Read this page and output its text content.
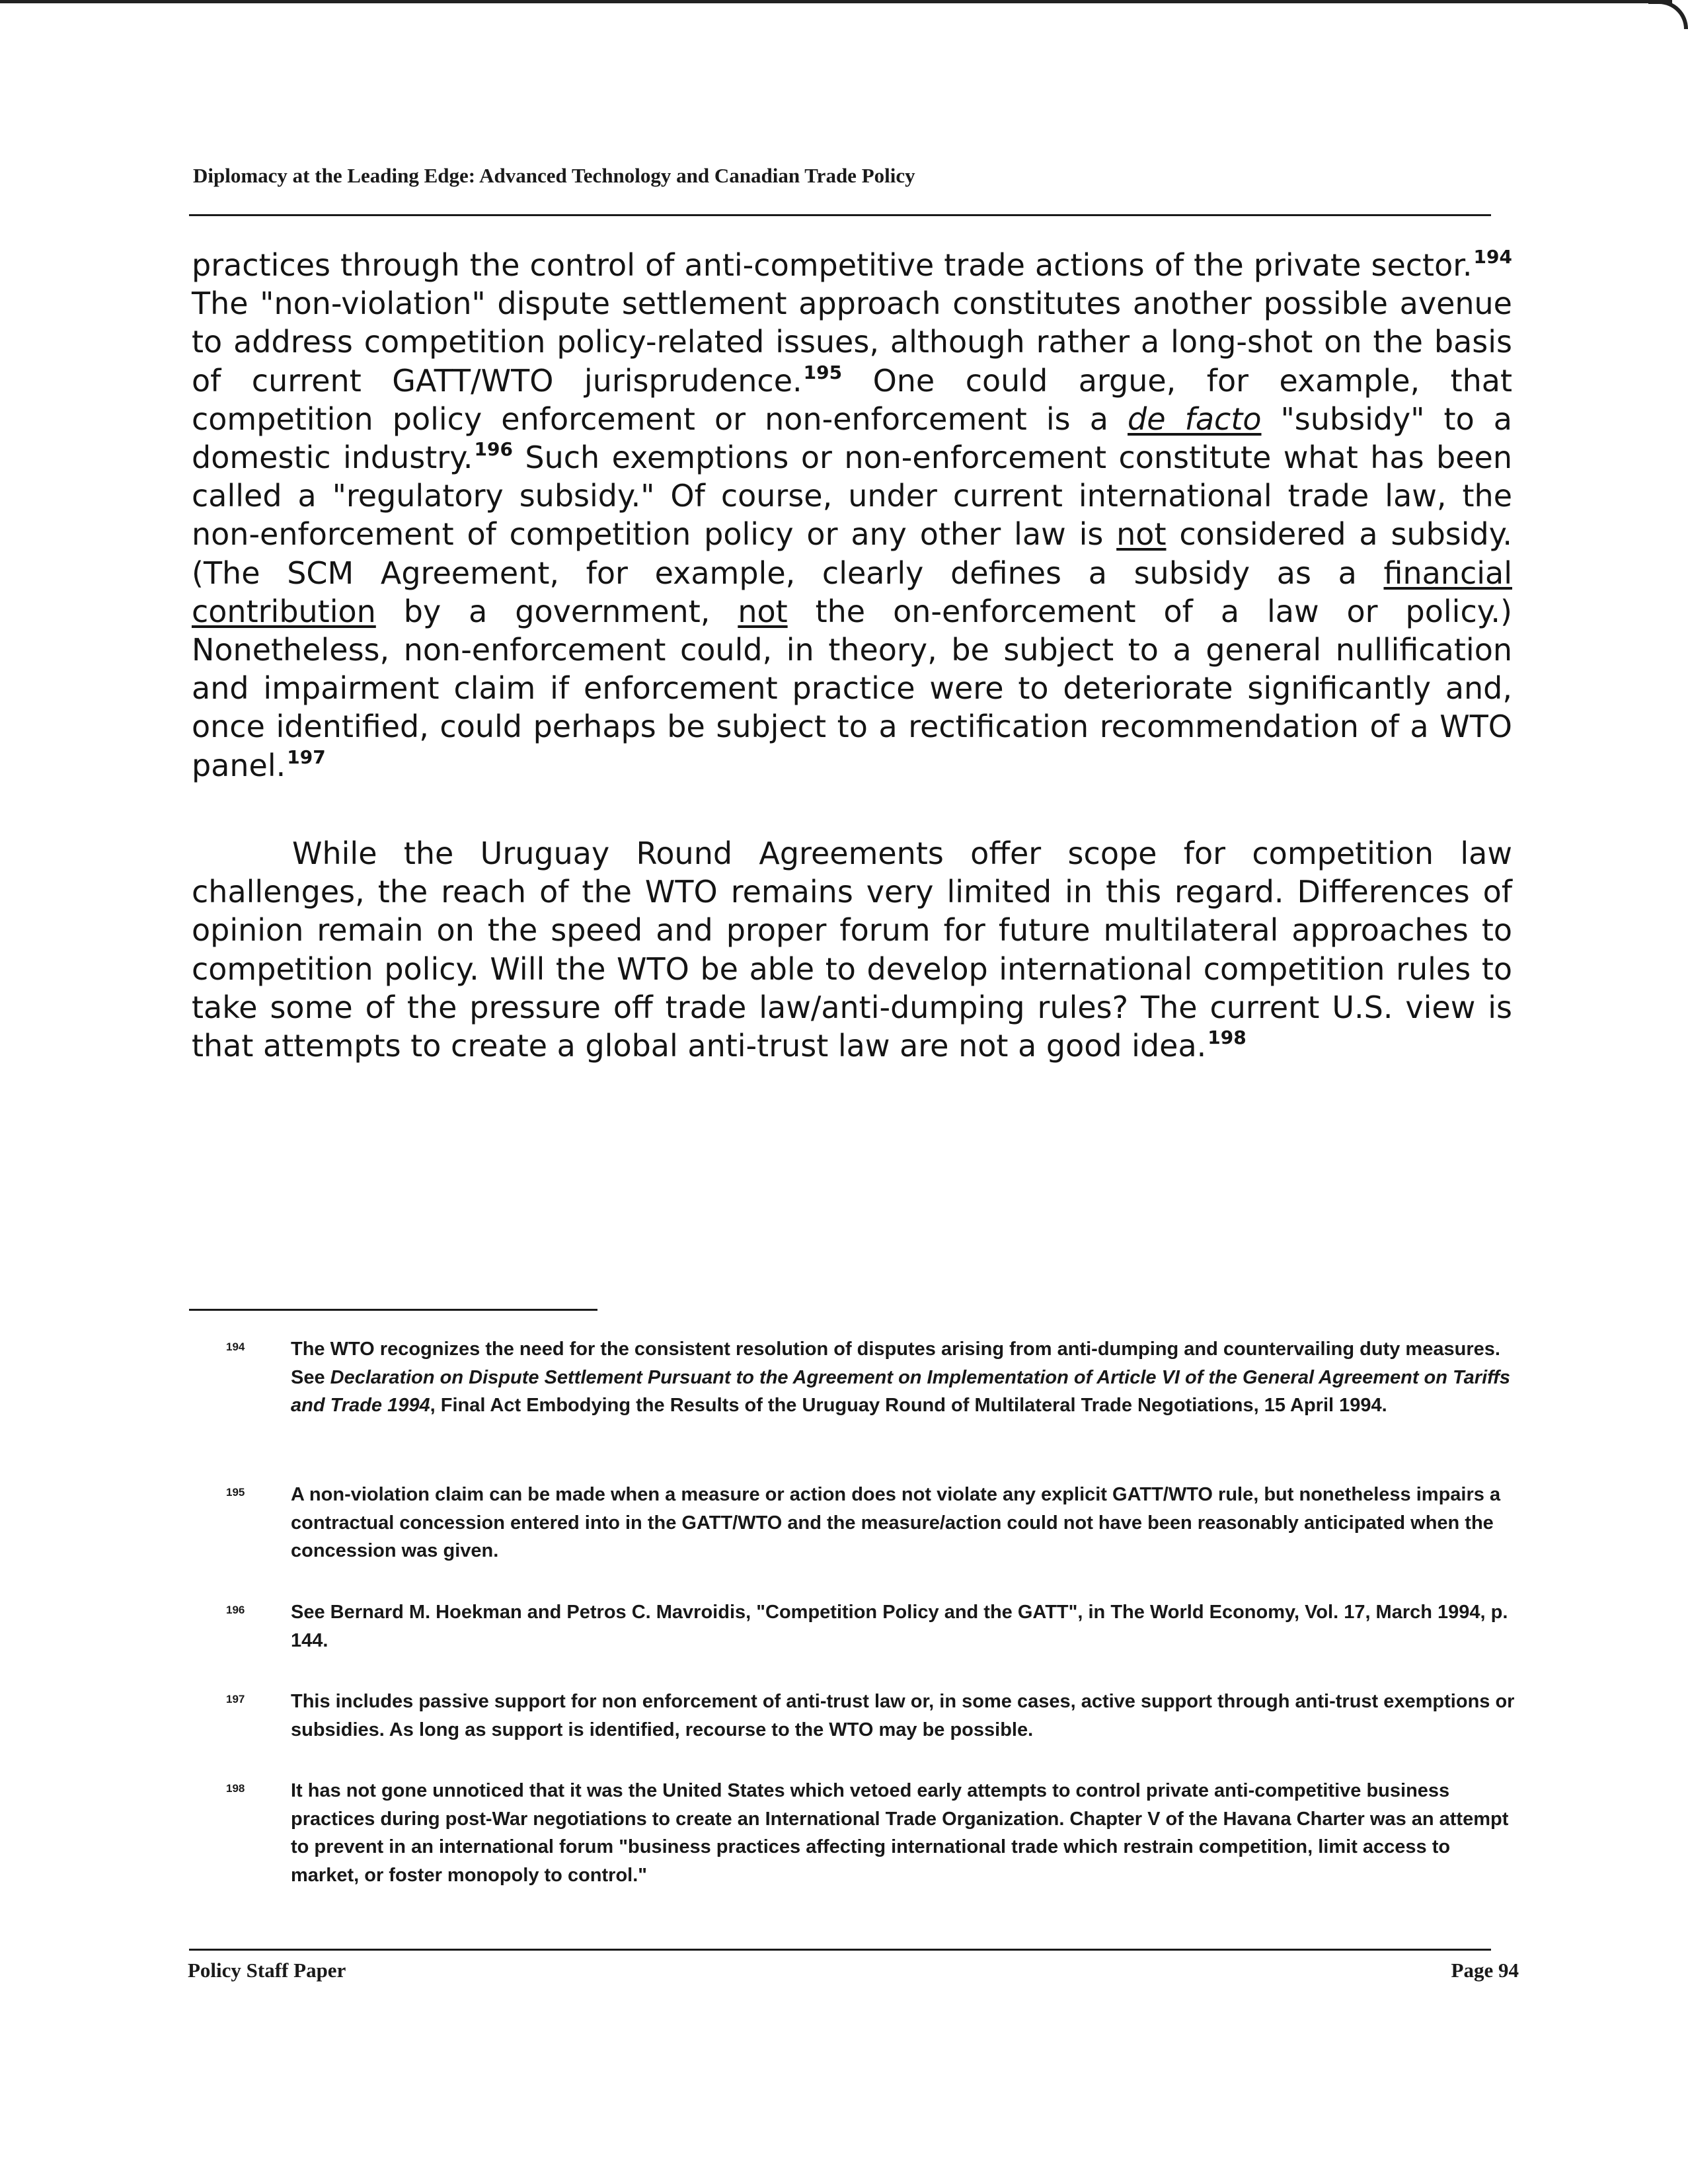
Diplomacy at the Leading Edge: Advanced Technology and Canadian Trade Policy

practices through the control of anti-competitive trade actions of the private sector.$^{194}$ The "non-violation" dispute settlement approach constitutes another possible avenue to address competition policy-related issues, although rather a long-shot on the basis of current GATT/WTO jurisprudence.$^{195}$ One could argue, for example, that competition policy enforcement or non-enforcement is a de facto "subsidy" to a domestic industry.$^{196}$ Such exemptions or non-enforcement constitute what has been called a "regulatory subsidy." Of course, under current international trade law, the non-enforcement of competition policy or any other law is not considered a subsidy. (The SCM Agreement, for example, clearly defines a subsidy as a financial contribution by a government, not the on-enforcement of a law or policy.) Nonetheless, non-enforcement could, in theory, be subject to a general nullification and impairment claim if enforcement practice were to deteriorate significantly and, once identified, could perhaps be subject to a rectification recommendation of a WTO panel.$^{197}$

While the Uruguay Round Agreements offer scope for competition law challenges, the reach of the WTO remains very limited in this regard. Differences of opinion remain on the speed and proper forum for future multilateral approaches to competition policy. Will the WTO be able to develop international competition rules to take some of the pressure off trade law/anti-dumping rules? The current U.S. view is that attempts to create a global anti-trust law are not a good idea.$^{198}$

194 The WTO recognizes the need for the consistent resolution of disputes arising from anti-dumping and countervailing duty measures. See Declaration on Dispute Settlement Pursuant to the Agreement on Implementation of Article VI of the General Agreement on Tariffs and Trade 1994, Final Act Embodying the Results of the Uruguay Round of Multilateral Trade Negotiations, 15 April 1994.

195 A non-violation claim can be made when a measure or action does not violate any explicit GATT/WTO rule, but nonetheless impairs a contractual concession entered into in the GATT/WTO and the measure/action could not have been reasonably anticipated when the concession was given.

196 See Bernard M. Hoekman and Petros C. Mavroidis, "Competition Policy and the GATT", in The World Economy, Vol. 17, March 1994, p. 144.

197 This includes passive support for non enforcement of anti-trust law or, in some cases, active support through anti-trust exemptions or subsidies. As long as support is identified, recourse to the WTO may be possible.

198 It has not gone unnoticed that it was the United States which vetoed early attempts to control private anti-competitive business practices during post-War negotiations to create an International Trade Organization. Chapter V of the Havana Charter was an attempt to prevent in an international forum "business practices affecting international trade which restrain competition, limit access to market, or foster monopoly to control."

Policy Staff Paper	Page 94
